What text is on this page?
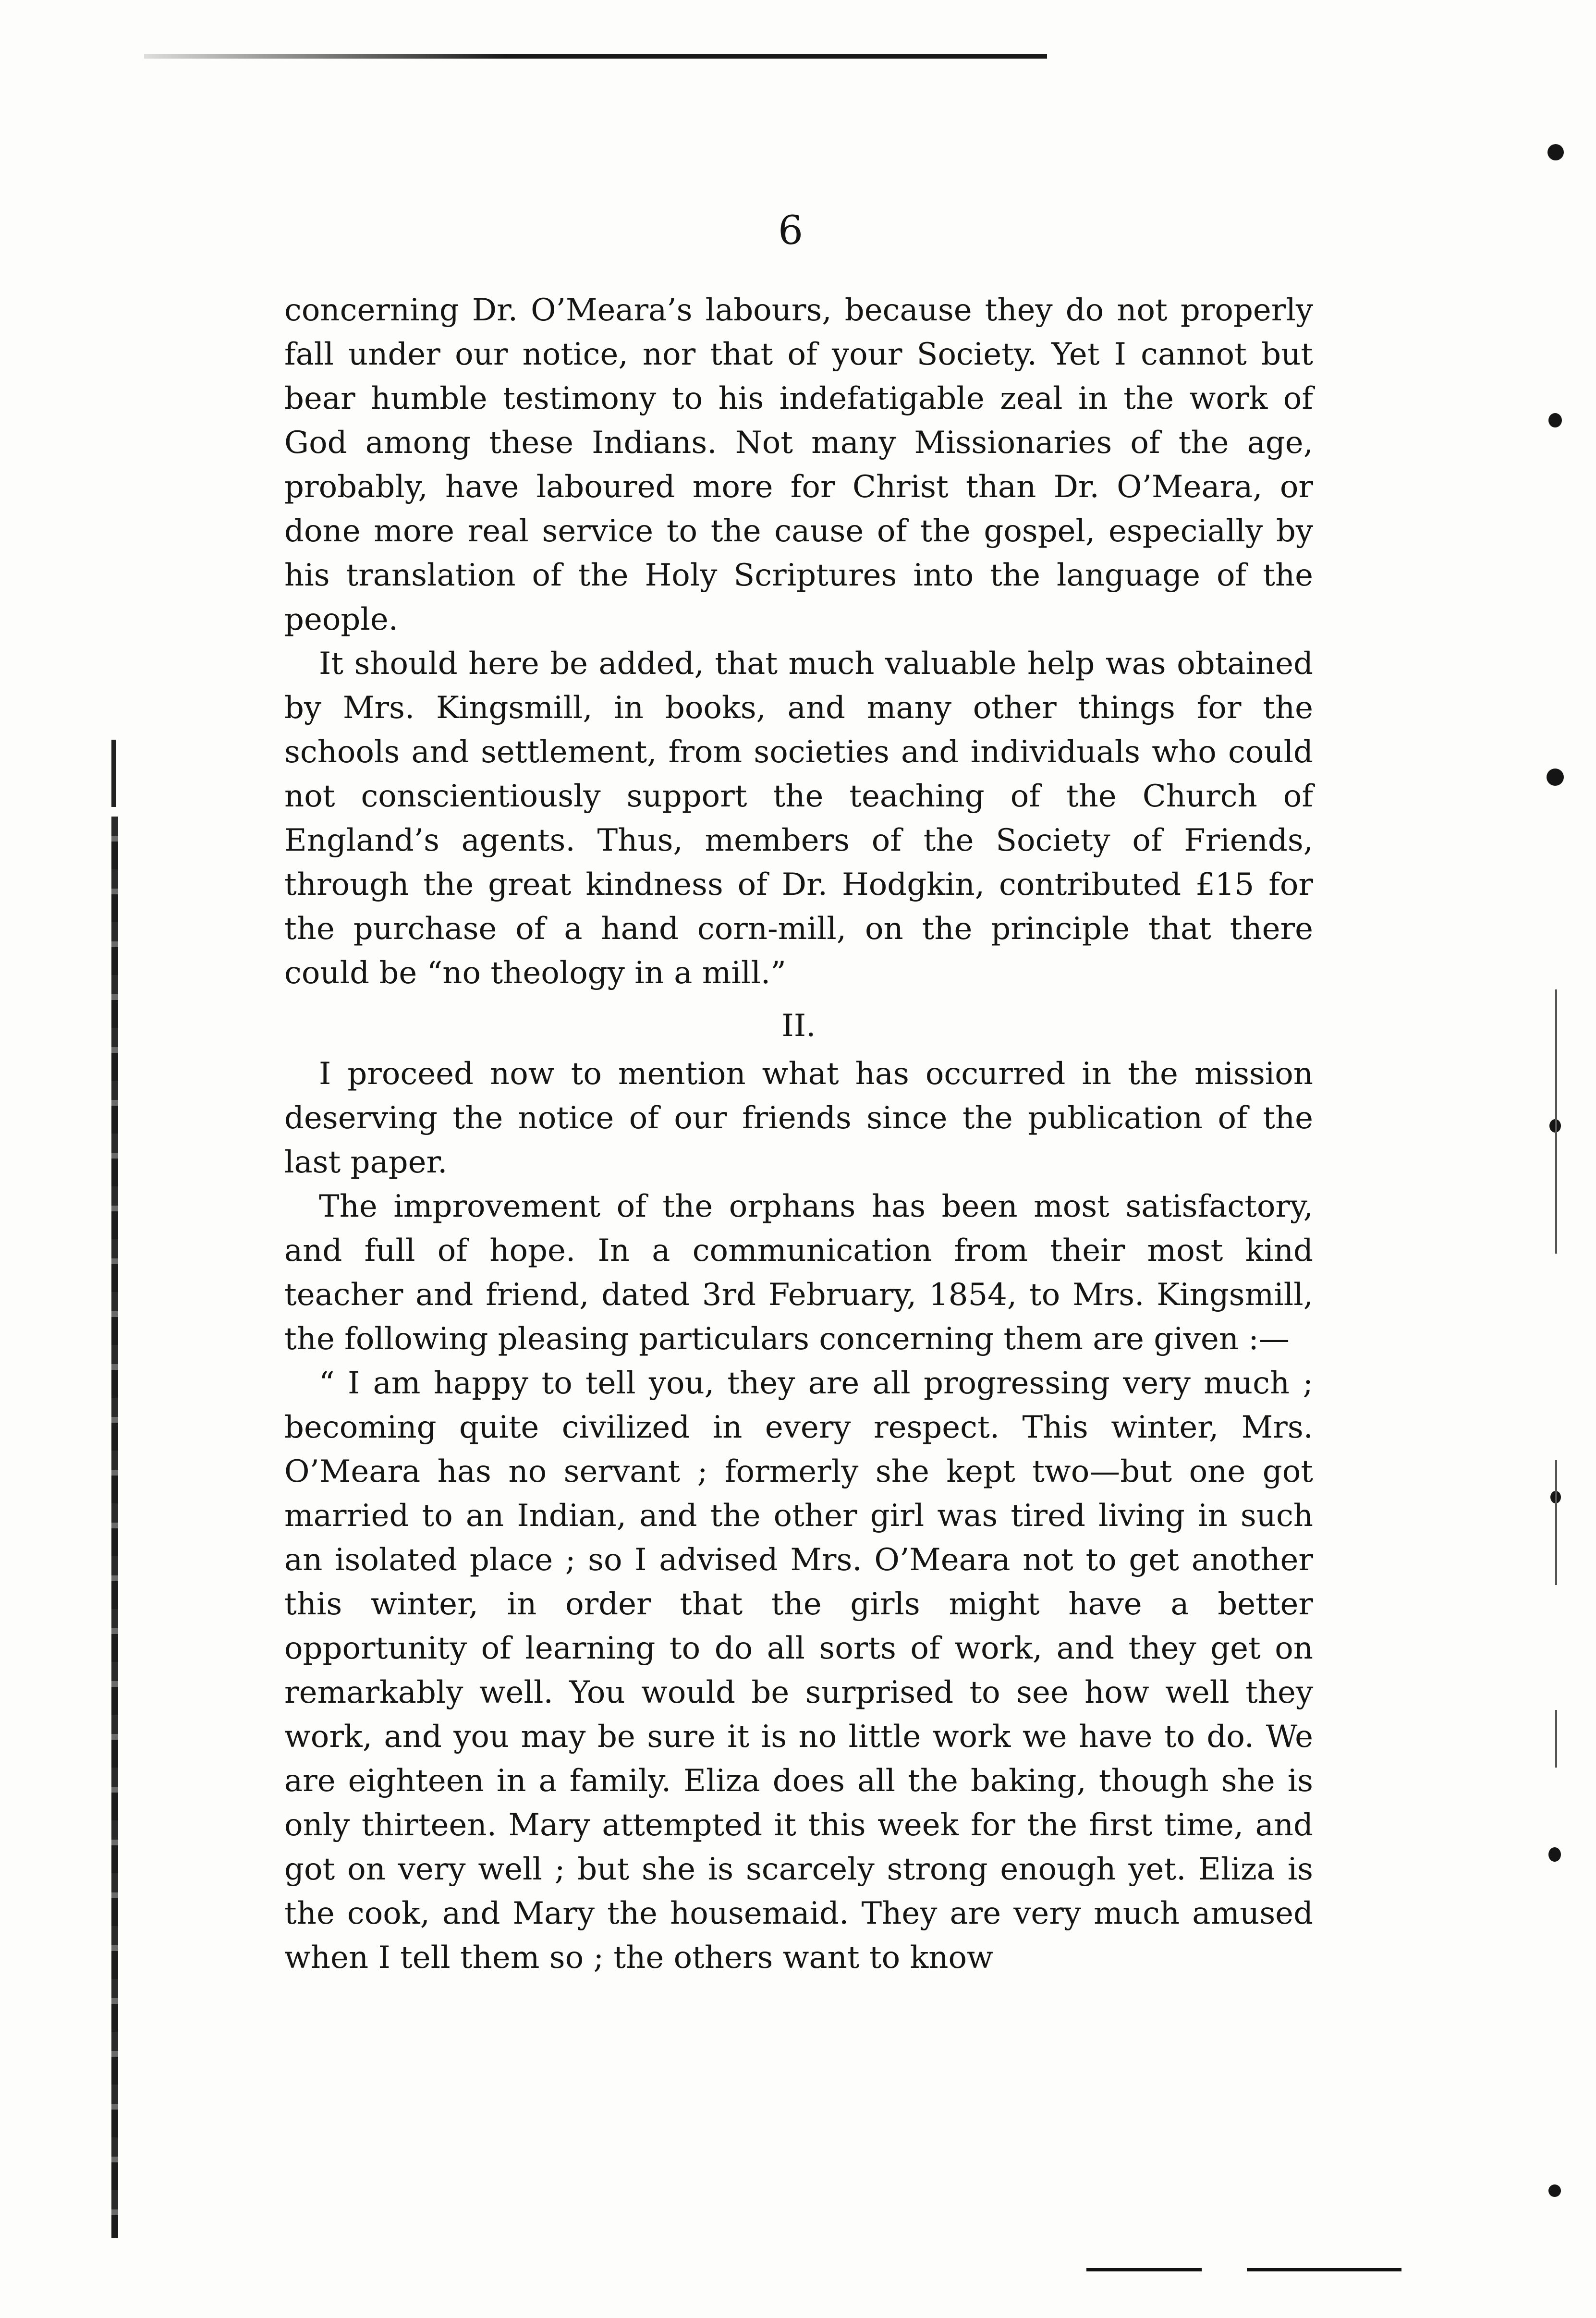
6

concerning Dr. O’Meara’s labours, because they do not properly fall under our notice, nor that of your Society. Yet I cannot but bear humble testimony to his indefatigable zeal in the work of God among these Indians. Not many Missionaries of the age, probably, have laboured more for Christ than Dr. O’Meara, or done more real service to the cause of the gospel, especially by his translation of the Holy Scriptures into the language of the people.

It should here be added, that much valuable help was obtained by Mrs. Kingsmill, in books, and many other things for the schools and settlement, from societies and individuals who could not conscientiously support the teaching of the Church of England’s agents. Thus, members of the Society of Friends, through the great kindness of Dr. Hodgkin, contributed £15 for the purchase of a hand corn-mill, on the principle that there could be “no theology in a mill.”

II.

I proceed now to mention what has occurred in the mission deserving the notice of our friends since the publication of the last paper.

The improvement of the orphans has been most satisfactory, and full of hope. In a communication from their most kind teacher and friend, dated 3rd February, 1854, to Mrs. Kingsmill, the following pleasing particulars concerning them are given :—

“ I am happy to tell you, they are all progressing very much ; becoming quite civilized in every respect. This winter, Mrs. O’Meara has no servant ; formerly she kept two—but one got married to an Indian, and the other girl was tired living in such an isolated place ; so I advised Mrs. O’Meara not to get another this winter, in order that the girls might have a better opportunity of learning to do all sorts of work, and they get on remarkably well. You would be surprised to see how well they work, and you may be sure it is no little work we have to do. We are eighteen in a family. Eliza does all the baking, though she is only thirteen. Mary attempted it this week for the first time, and got on very well ; but she is scarcely strong enough yet. Eliza is the cook, and Mary the housemaid. They are very much amused when I tell them so ; the others want to know
